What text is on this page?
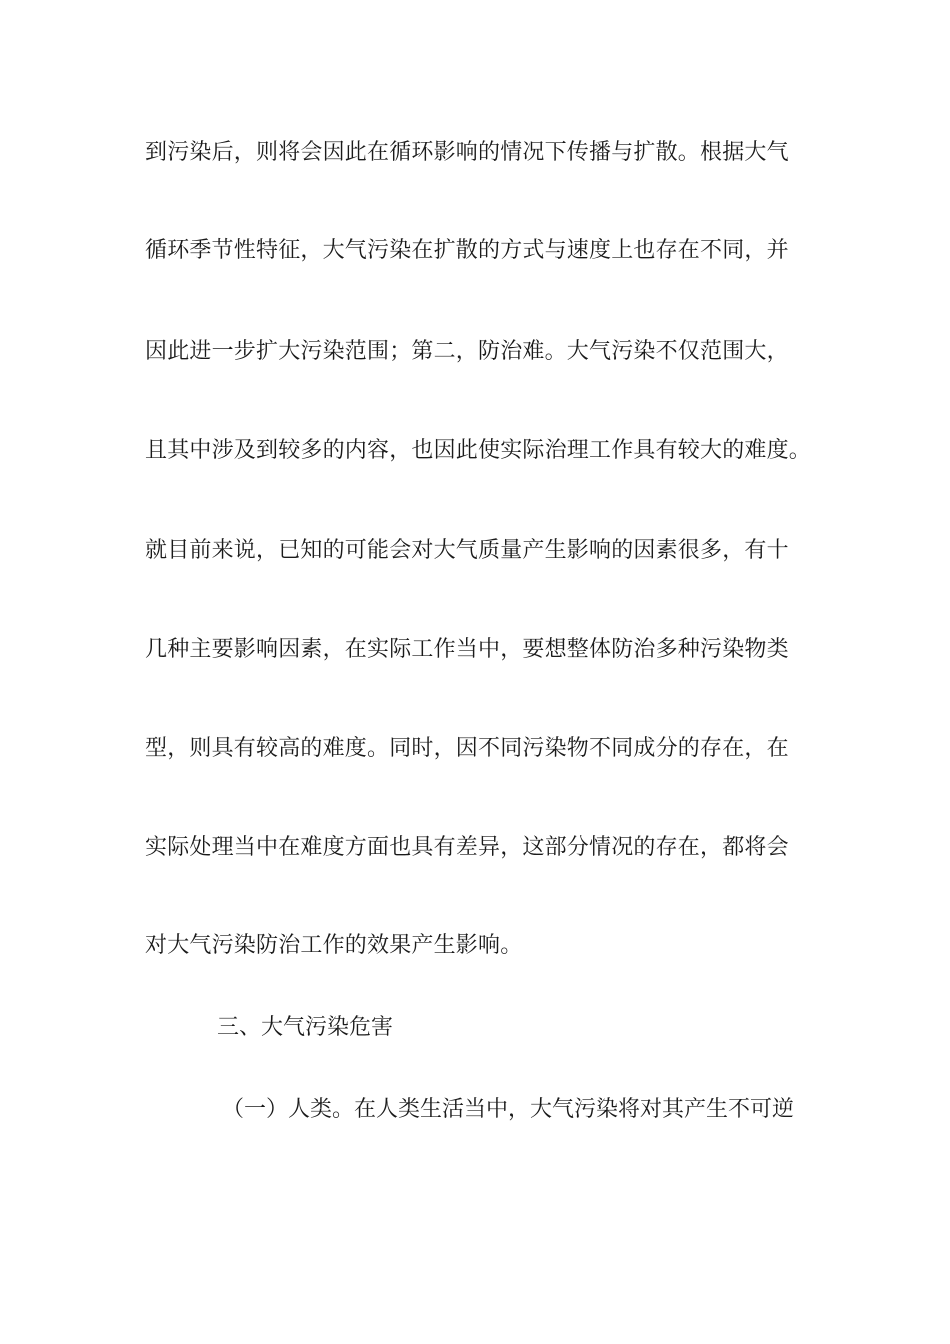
到污染后，则将会因此在循环影响的情况下传播与扩散。根据大气
循环季节性特征，大气污染在扩散的方式与速度上也存在不同，并
因此进一步扩大污染范围；第二，防治难。大气污染不仅范围大，
且其中涉及到较多的内容，也因此使实际治理工作具有较大的难度。
就目前来说，已知的可能会对大气质量产生影响的因素很多，有十
几种主要影响因素，在实际工作当中，要想整体防治多种污染物类
型，则具有较高的难度。同时，因不同污染物不同成分的存在，在
实际处理当中在难度方面也具有差异，这部分情况的存在，都将会
对大气污染防治工作的效果产生影响。
三、大气污染危害
（一）人类。在人类生活当中，大气污染将对其产生不可逆
